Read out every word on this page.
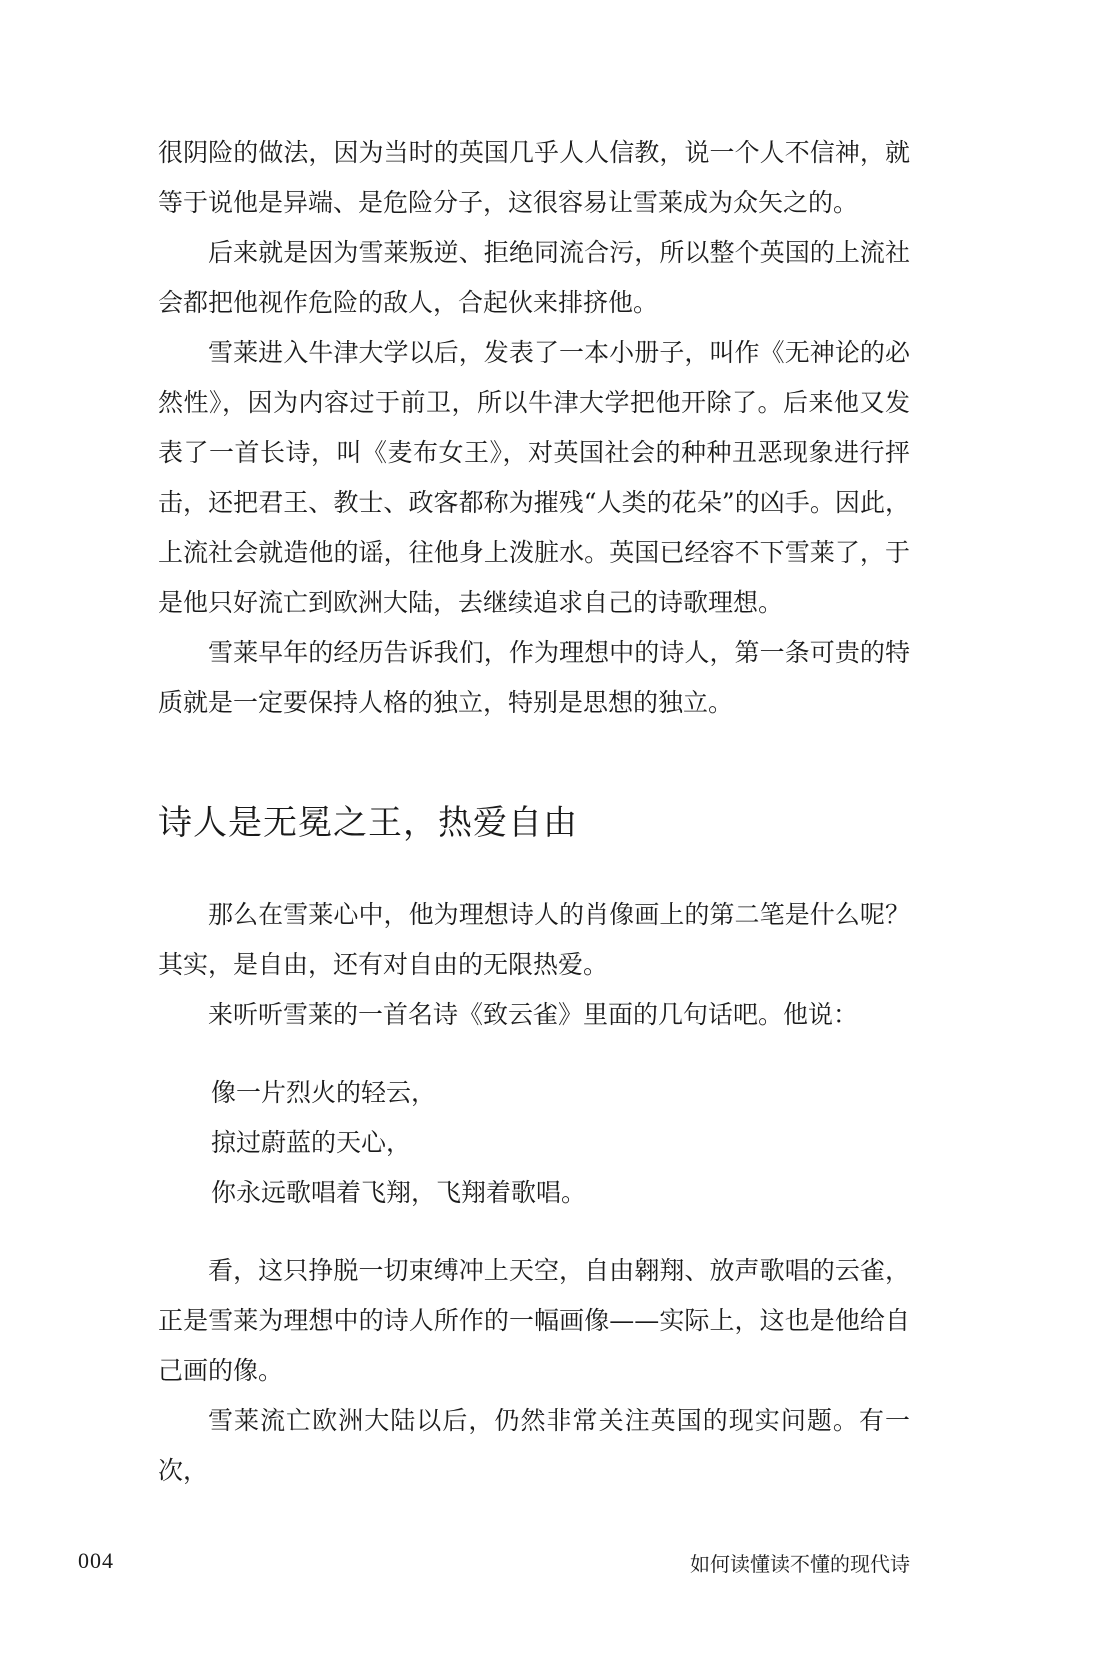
很阴险的做法，因为当时的英国几乎人人信教，说一个人不信神，就等于说他是异端、是危险分子，这很容易让雪莱成为众矢之的。

后来就是因为雪莱叛逆、拒绝同流合污，所以整个英国的上流社会都把他视作危险的敌人，合起伙来排挤他。

雪莱进入牛津大学以后，发表了一本小册子，叫作《无神论的必然性》，因为内容过于前卫，所以牛津大学把他开除了。后来他又发表了一首长诗，叫《麦布女王》，对英国社会的种种丑恶现象进行抨击，还把君王、教士、政客都称为摧残“人类的花朵”的凶手。因此，上流社会就造他的谣，往他身上泼脏水。英国已经容不下雪莱了，于是他只好流亡到欧洲大陆，去继续追求自己的诗歌理想。

雪莱早年的经历告诉我们，作为理想中的诗人，第一条可贵的特质就是一定要保持人格的独立，特别是思想的独立。

诗人是无冕之王，热爱自由

那么在雪莱心中，他为理想诗人的肖像画上的第二笔是什么呢？其实，是自由，还有对自由的无限热爱。

来听听雪莱的一首名诗《致云雀》里面的几句话吧。他说：

像一片烈火的轻云，

掠过蔚蓝的天心，

你永远歌唱着飞翔，飞翔着歌唱。

看，这只挣脱一切束缚冲上天空，自由翱翔、放声歌唱的云雀，正是雪莱为理想中的诗人所作的一幅画像——实际上，这也是他给自己画的像。

雪莱流亡欧洲大陆以后，仍然非常关注英国的现实问题。有一次，

004	如何读懂读不懂的现代诗
